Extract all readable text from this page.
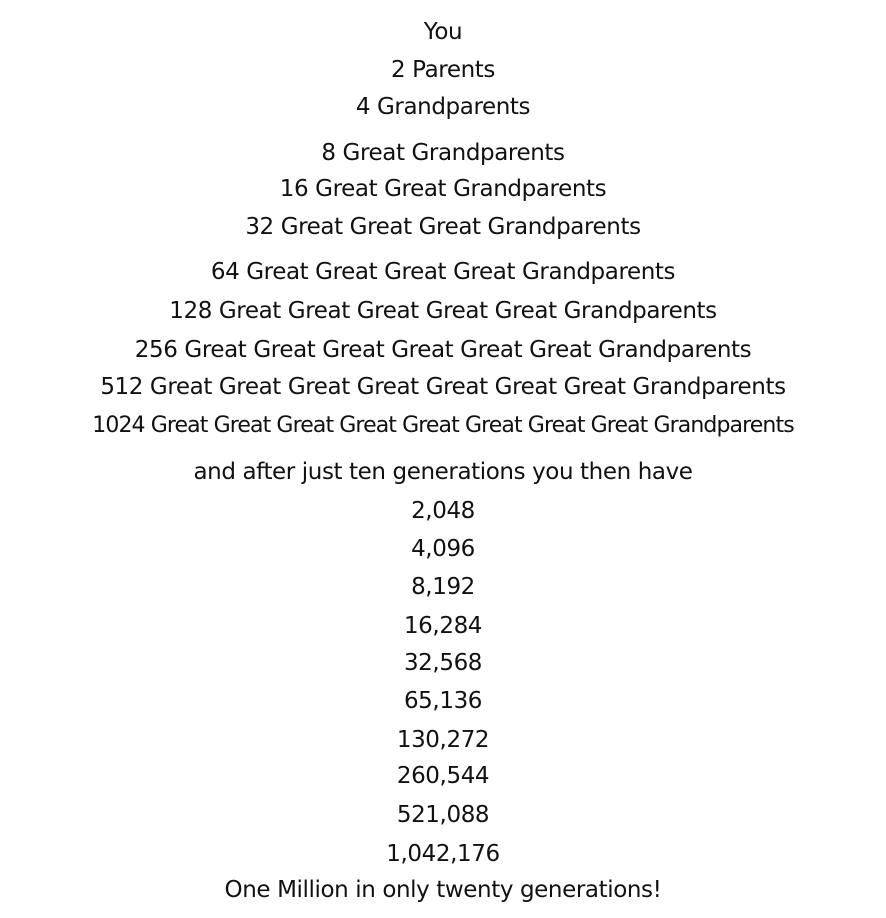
You
2 Parents
4 Grandparents
8 Great Grandparents
16 Great Great Grandparents
32 Great Great Great Grandparents
64 Great Great Great Great Grandparents
128 Great Great Great Great Great Grandparents
256 Great Great Great Great Great Great Grandparents
512 Great Great Great Great Great Great Great Grandparents
1024 Great Great Great Great Great Great Great Great Grandparents
and after just ten generations you then have
2,048
4,096
8,192
16,284
32,568
65,136
130,272
260,544
521,088
1,042,176
One Million in only twenty generations!
